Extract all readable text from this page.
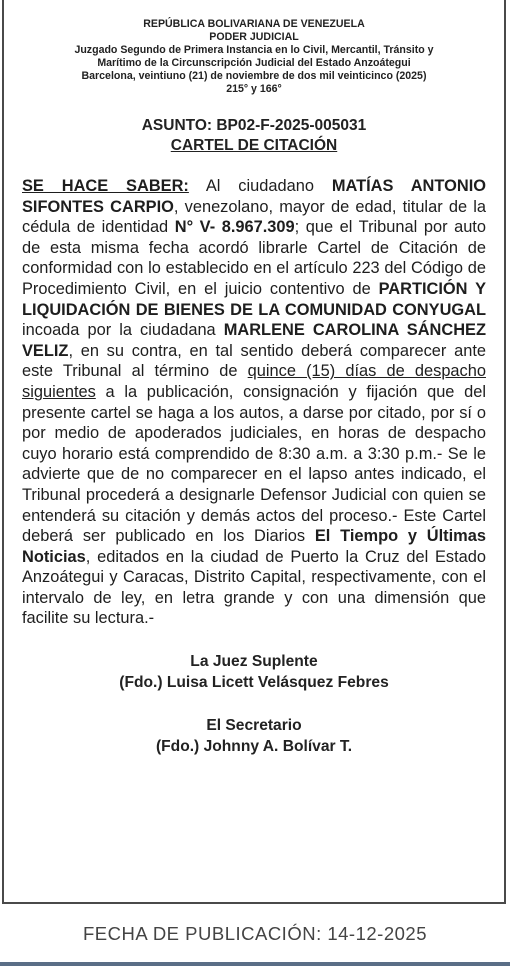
REPÚBLICA BOLIVARIANA DE VENEZUELA
PODER JUDICIAL
Juzgado Segundo de Primera Instancia en lo Civil, Mercantil, Tránsito y
Marítimo de la Circunscripción Judicial del Estado Anzoátegui
Barcelona, veintiuno (21) de noviembre de dos mil veinticinco (2025)
215° y 166°
ASUNTO: BP02-F-2025-005031
CARTEL DE CITACIÓN
SE HACE SABER: Al ciudadano MATÍAS ANTONIO SIFONTES CARPIO, venezolano, mayor de edad, titular de la cédula de identidad N° V- 8.967.309; que el Tribunal por auto de esta misma fecha acordó librarle Cartel de Citación de conformidad con lo establecido en el artículo 223 del Código de Procedimiento Civil, en el juicio contentivo de PARTICIÓN Y LIQUIDACIÓN DE BIENES DE LA COMUNIDAD CONYUGAL incoada por la ciudadana MARLENE CAROLINA SÁNCHEZ VELIZ, en su contra, en tal sentido deberá comparecer ante este Tribunal al término de quince (15) días de despacho siguientes a la publicación, consignación y fijación que del presente cartel se haga a los autos, a darse por citado, por sí o por medio de apoderados judiciales, en horas de despacho cuyo horario está comprendido de 8:30 a.m. a 3:30 p.m.- Se le advierte que de no comparecer en el lapso antes indicado, el Tribunal procederá a designarle Defensor Judicial con quien se entenderá su citación y demás actos del proceso.- Este Cartel deberá ser publicado en los Diarios El Tiempo y Últimas Noticias, editados en la ciudad de Puerto la Cruz del Estado Anzoátegui y Caracas, Distrito Capital, respectivamente, con el intervalo de ley, en letra grande y con una dimensión que facilite su lectura.-
La Juez Suplente
(Fdo.) Luisa Licett Velásquez Febres
El Secretario
(Fdo.) Johnny A. Bolívar T.
FECHA DE PUBLICACIÓN: 14-12-2025
